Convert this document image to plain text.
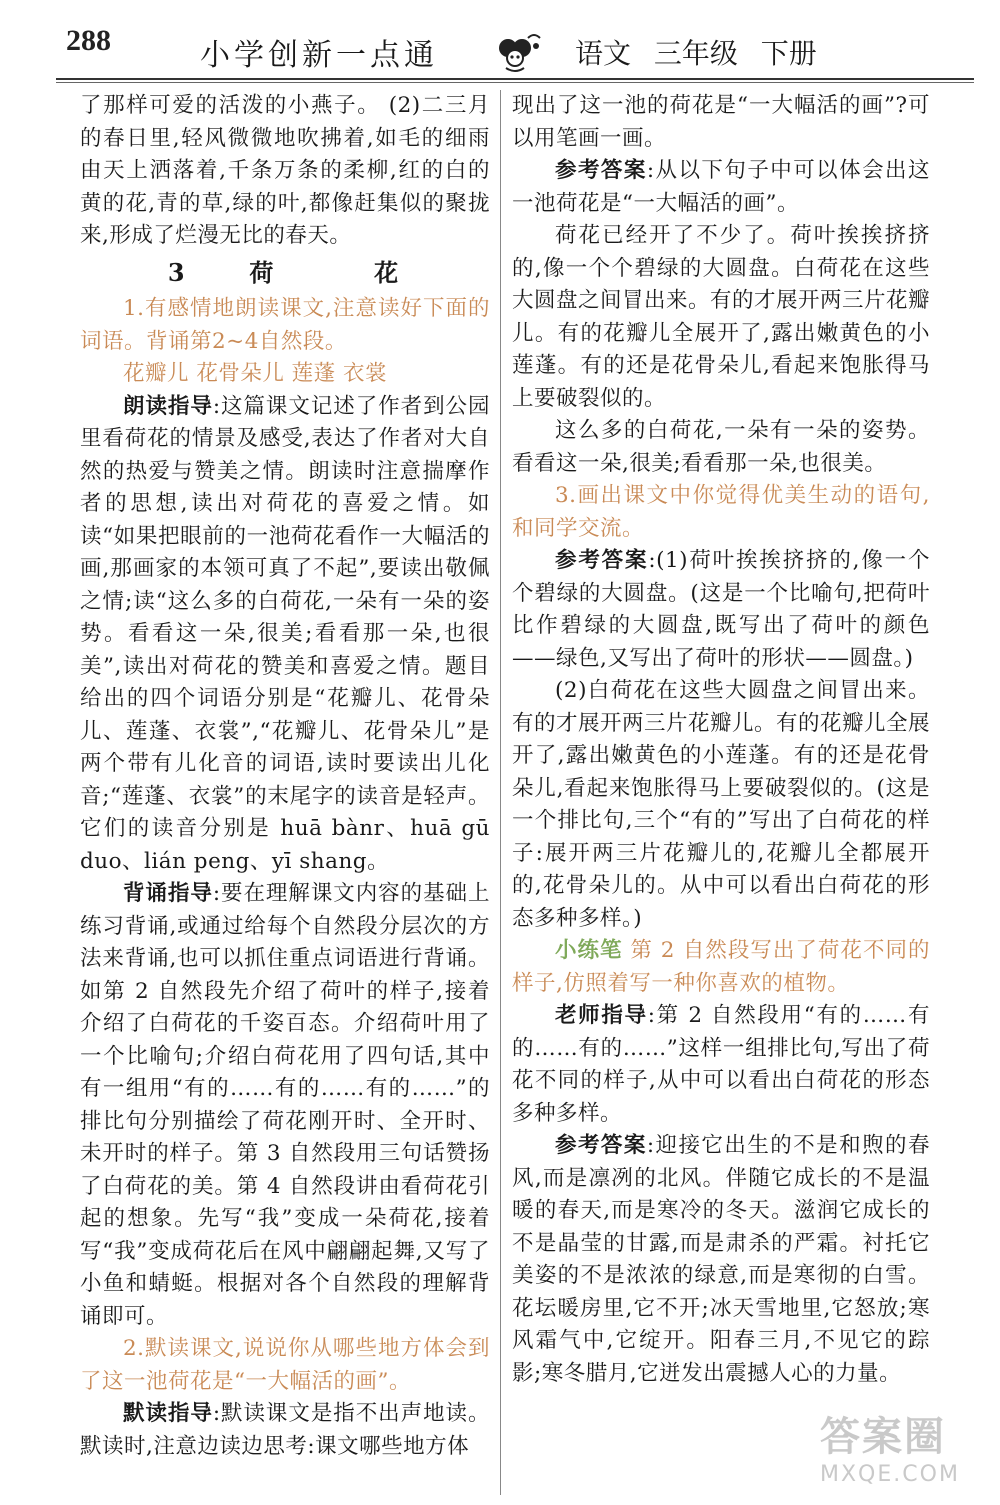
288	小学创新一点通	语文 三年级 下册

了那样可爱的活泼的小燕子。 (2)二三月的春日里,轻风微微地吹拂着,如毛的细雨由天上洒落着,千条万条的柔柳,红的白的黄的花,青的草,绿的叶,都像赶集似的聚拢来,形成了烂漫无比的春天。

3	荷	花

1.有感情地朗读课文,注意读好下面的词语。背诵第2~4自然段。

花瓣儿 花骨朵儿 莲蓬 衣裳

朗读指导:这篇课文记述了作者到公园里看荷花的情景及感受,表达了作者对大自然的热爱与赞美之情。朗读时注意揣摩作者的思想,读出对荷花的喜爱之情。如读“如果把眼前的一池荷花看作一大幅活的画,那画家的本领可真了不起”,要读出敬佩之情;读“这么多的白荷花,一朵有一朵的姿势。看看这一朵,很美;看看那一朵,也很美”,读出对荷花的赞美和喜爱之情。题目给出的四个词语分别是“花瓣儿、花骨朵儿、莲蓬、衣裳”,“花瓣儿、花骨朵儿”是两个带有儿化音的词语,读时要读出儿化音;“莲蓬、衣裳”的末尾字的读音是轻声。它们的读音分别是 huā bànr、huā gū duo、lián peng、yī shang。

背诵指导:要在理解课文内容的基础上练习背诵,或通过给每个自然段分层次的方法来背诵,也可以抓住重点词语进行背诵。如第 2 自然段先介绍了荷叶的样子,接着介绍了白荷花的千姿百态。介绍荷叶用了一个比喻句;介绍白荷花用了四句话,其中有一组用“有的……有的……有的……”的排比句分别描绘了荷花刚开时、全开时、未开时的样子。第 3 自然段用三句话赞扬了白荷花的美。第 4 自然段讲由看荷花引起的想象。先写“我”变成一朵荷花,接着写“我”变成荷花后在风中翩翩起舞,又写了小鱼和蜻蜓。根据对各个自然段的理解背诵即可。

2.默读课文,说说你从哪些地方体会到了这一池荷花是“一大幅活的画”。

默读指导:默读课文是指不出声地读。默读时,注意边读边思考:课文哪些地方体

现出了这一池的荷花是“一大幅活的画”?可以用笔画一画。

参考答案:从以下句子中可以体会出这一池荷花是“一大幅活的画”。

荷花已经开了不少了。荷叶挨挨挤挤的,像一个个碧绿的大圆盘。白荷花在这些大圆盘之间冒出来。有的才展开两三片花瓣儿。有的花瓣儿全展开了,露出嫩黄色的小莲蓬。有的还是花骨朵儿,看起来饱胀得马上要破裂似的。

这么多的白荷花,一朵有一朵的姿势。看看这一朵,很美;看看那一朵,也很美。

3.画出课文中你觉得优美生动的语句,和同学交流。

参考答案:(1)荷叶挨挨挤挤的,像一个个碧绿的大圆盘。(这是一个比喻句,把荷叶比作碧绿的大圆盘,既写出了荷叶的颜色——绿色,又写出了荷叶的形状——圆盘。)

(2)白荷花在这些大圆盘之间冒出来。有的才展开两三片花瓣儿。有的花瓣儿全展开了,露出嫩黄色的小莲蓬。有的还是花骨朵儿,看起来饱胀得马上要破裂似的。(这是一个排比句,三个“有的”写出了白荷花的样子:展开两三片花瓣儿的,花瓣儿全都展开的,花骨朵儿的。从中可以看出白荷花的形态多种多样。)

小练笔 第 2 自然段写出了荷花不同的样子,仿照着写一种你喜欢的植物。

老师指导:第 2 自然段用“有的……有的……有的……”这样一组排比句,写出了荷花不同的样子,从中可以看出白荷花的形态多种多样。

参考答案:迎接它出生的不是和煦的春风,而是凛冽的北风。伴随它成长的不是温暖的春天,而是寒冷的冬天。滋润它成长的不是晶莹的甘露,而是肃杀的严霜。衬托它美姿的不是浓浓的绿意,而是寒彻的白雪。花坛暖房里,它不开;冰天雪地里,它怒放;寒风霜气中,它绽开。阳春三月,不见它的踪影;寒冬腊月,它迸发出震撼人心的力量。

答案圈
MXQE.COM
